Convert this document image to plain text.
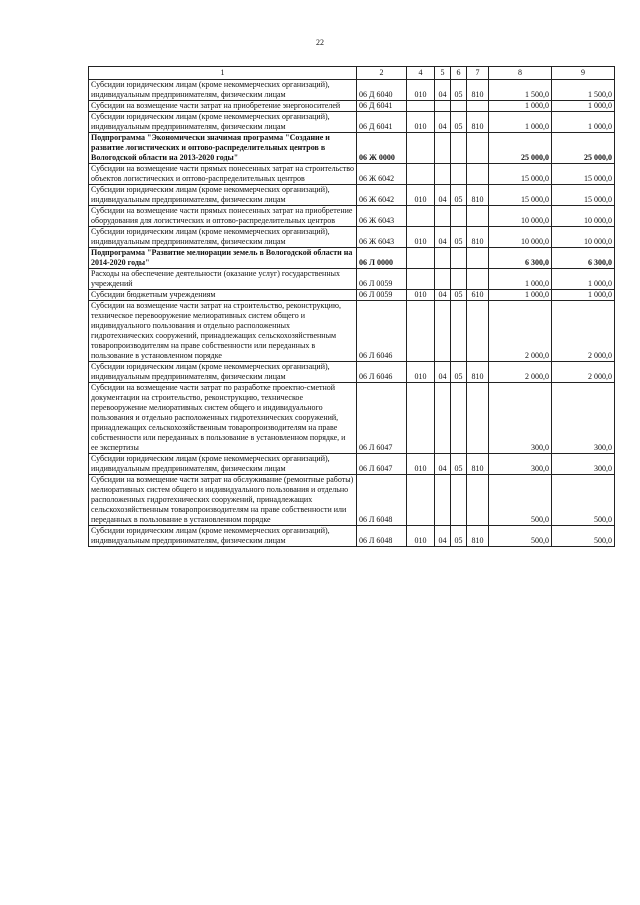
22
1	2	4	5	6	7	8	9
Субсидии юридическим лицам (кроме некоммерческих организаций), индивидуальным предпринимателям, физическим лицам	06 Д 6040	010	04	05	810	1 500,0	1 500,0
Субсидии на возмещение части затрат на приобретение энергоносителей	06 Д 6041					1 000,0	1 000,0
Субсидии юридическим лицам (кроме некоммерческих организаций), индивидуальным предпринимателям, физическим лицам	06 Д 6041	010	04	05	810	1 000,0	1 000,0
Подпрограмма "Экономически значимая программа "Создание и развитие логистических и оптово-распределительных центров в Вологодской области на 2013-2020 годы"	06 Ж 0000					25 000,0	25 000,0
Субсидии на возмещение части прямых понесенных затрат на строительство объектов логистических и оптово-распределительных центров	06 Ж 6042					15 000,0	15 000,0
Субсидии юридическим лицам (кроме некоммерческих организаций), индивидуальным предпринимателям, физическим лицам	06 Ж 6042	010	04	05	810	15 000,0	15 000,0
Субсидии на возмещение части прямых понесенных затрат на приобретение оборудования для логистических и оптово-распределительных центров	06 Ж 6043					10 000,0	10 000,0
Субсидии юридическим лицам (кроме некоммерческих организаций), индивидуальным предпринимателям, физическим лицам	06 Ж 6043	010	04	05	810	10 000,0	10 000,0
Подпрограмма "Развитие мелиорации земель в Вологодской области на 2014-2020 годы"	06 Л 0000					6 300,0	6 300,0
Расходы на обеспечение деятельности (оказание услуг) государственных учреждений	06 Л 0059					1 000,0	1 000,0
Субсидии бюджетным учреждениям	06 Л 0059	010	04	05	610	1 000,0	1 000,0
Субсидии на возмещение части затрат на строительство, реконструкцию, техническое перевооружение мелиоративных систем общего и индивидуального пользования и отдельно расположенных гидротехнических сооружений, принадлежащих сельскохозяйственным товаропроизводителям на праве собственности или переданных в пользование в установленном порядке	06 Л 6046					2 000,0	2 000,0
Субсидии юридическим лицам (кроме некоммерческих организаций), индивидуальным предпринимателям, физическим лицам	06 Л 6046	010	04	05	810	2 000,0	2 000,0
Субсидии на возмещение части затрат по разработке проектно-сметной документации на строительство, реконструкцию, техническое перевооружение мелиоративных систем общего и индивидуального пользования и отдельно расположенных гидротехнических сооружений, принадлежащих сельскохозяйственным товаропроизводителям на праве собственности или переданных в пользование в установленном порядке, и ее экспертизы	06 Л 6047					300,0	300,0
Субсидии юридическим лицам (кроме некоммерческих организаций), индивидуальным предпринимателям, физическим лицам	06 Л 6047	010	04	05	810	300,0	300,0
Субсидии на возмещение части затрат на обслуживание (ремонтные работы) мелиоративных систем общего и индивидуального пользования и отдельно расположенных гидротехнических сооружений, принадлежащих сельскохозяйственным товаропроизводителям на праве собственности или переданных в пользование в установленном порядке	06 Л 6048					500,0	500,0
Субсидии юридическим лицам (кроме некоммерческих организаций), индивидуальным предпринимателям, физическим лицам	06 Л 6048	010	04	05	810	500,0	500,0
